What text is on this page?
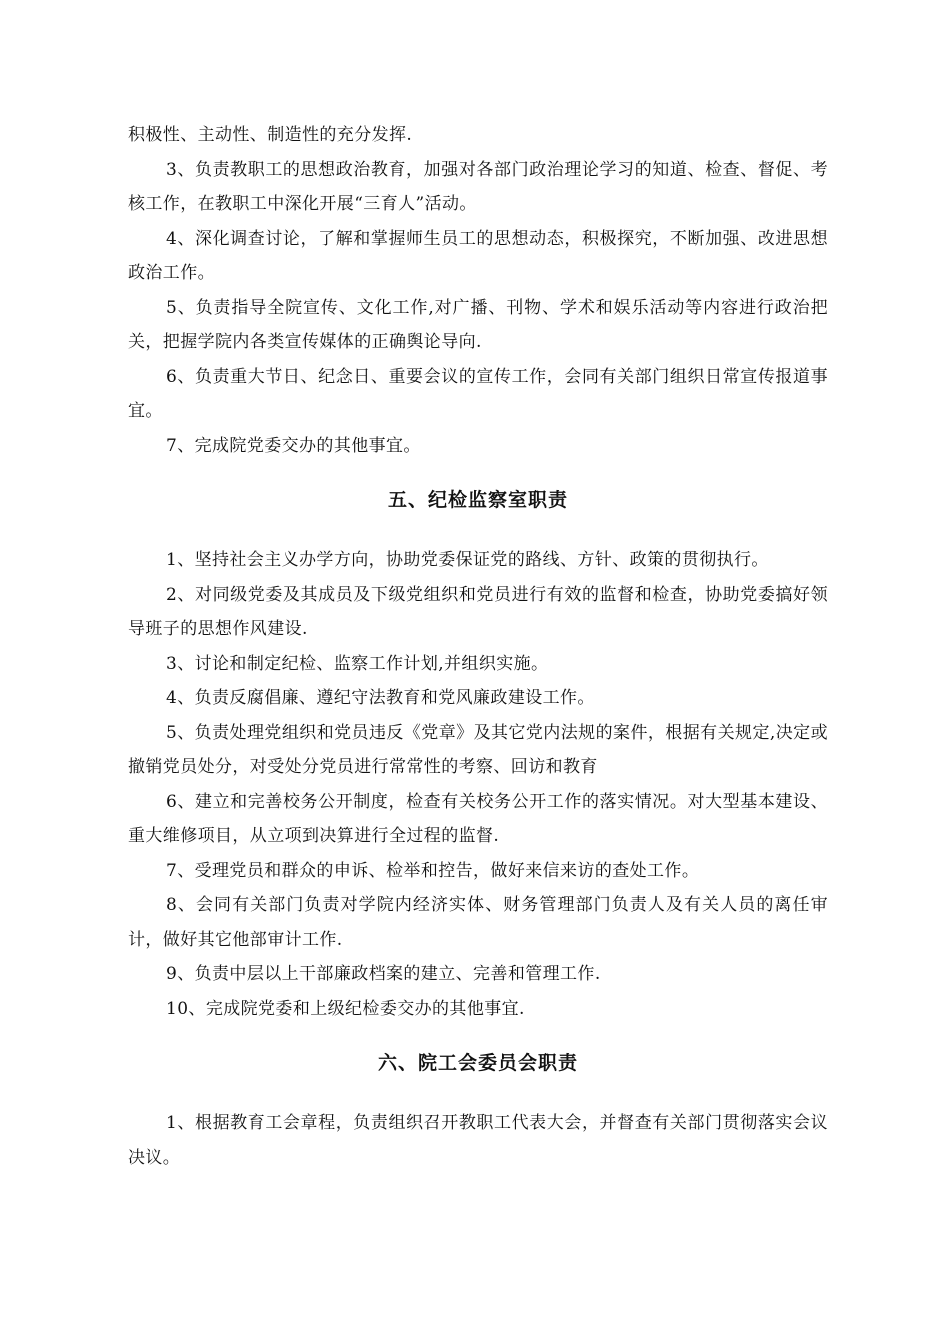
积极性、主动性、制造性的充分发挥.

3、负责教职工的思想政治教育，加强对各部门政治理论学习的知道、检查、督促、考核工作，在教职工中深化开展“三育人”活动。

4、深化调查讨论，了解和掌握师生员工的思想动态，积极探究，不断加强、改进思想政治工作。

5、负责指导全院宣传、文化工作,对广播、刊物、学术和娱乐活动等内容进行政治把关，把握学院内各类宣传媒体的正确舆论导向.

6、负责重大节日、纪念日、重要会议的宣传工作，会同有关部门组织日常宣传报道事宜。

7、完成院党委交办的其他事宜。

五、纪检监察室职责

1、坚持社会主义办学方向，协助党委保证党的路线、方针、政策的贯彻执行。

2、对同级党委及其成员及下级党组织和党员进行有效的监督和检查，协助党委搞好领导班子的思想作风建设.

3、讨论和制定纪检、监察工作计划,并组织实施。

4、负责反腐倡廉、遵纪守法教育和党风廉政建设工作。

5、负责处理党组织和党员违反《党章》及其它党内法规的案件，根据有关规定,决定或撤销党员处分，对受处分党员进行常常性的考察、回访和教育

6、建立和完善校务公开制度，检查有关校务公开工作的落实情况。对大型基本建设、重大维修项目，从立项到决算进行全过程的监督.

7、受理党员和群众的申诉、检举和控告，做好来信来访的查处工作。

8、会同有关部门负责对学院内经济实体、财务管理部门负责人及有关人员的离任审计，做好其它他部审计工作.

9、负责中层以上干部廉政档案的建立、完善和管理工作.

10、完成院党委和上级纪检委交办的其他事宜.

六、院工会委员会职责

1、根据教育工会章程，负责组织召开教职工代表大会，并督查有关部门贯彻落实会议决议。
